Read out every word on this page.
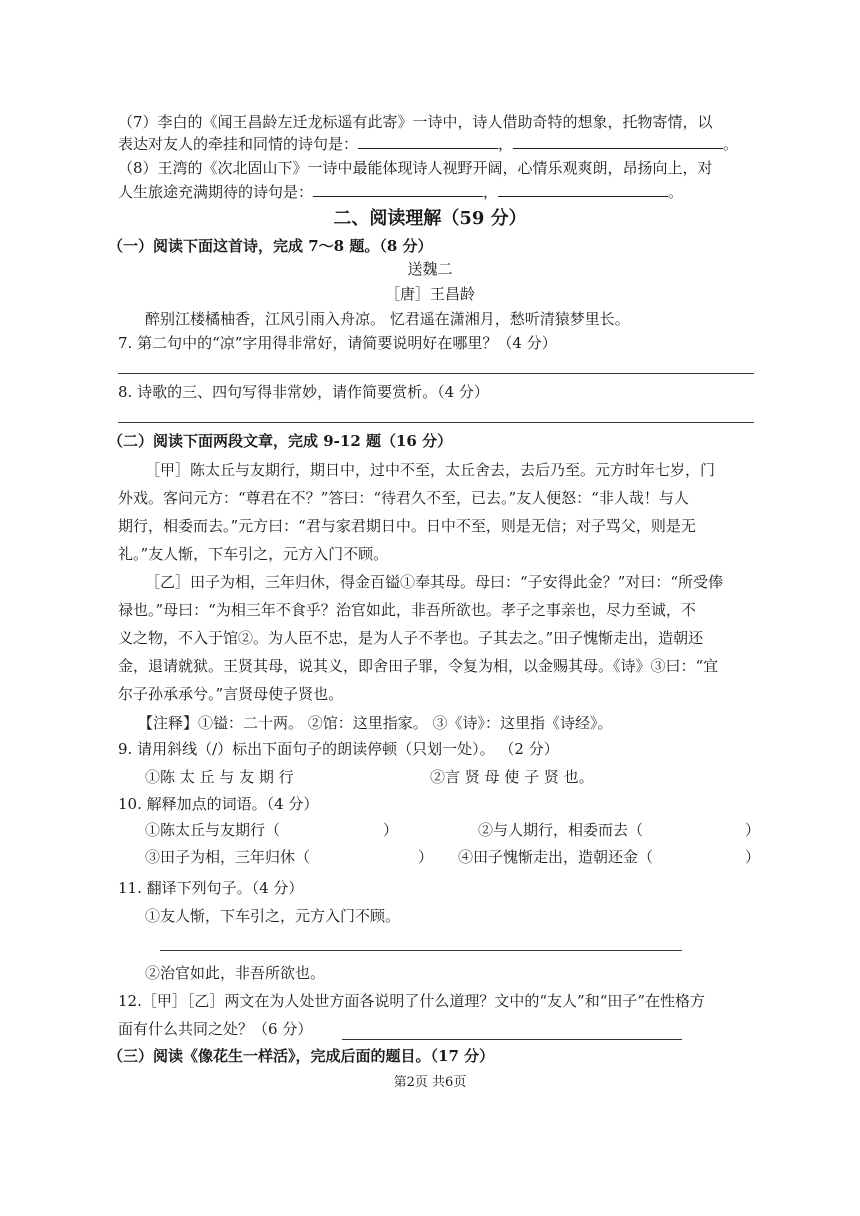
（7）李白的《闻王昌龄左迁龙标遥有此寄》一诗中，诗人借助奇特的想象，托物寄情，以
表达对友人的牵挂和同情的诗句是：	，	。
（8）王湾的《次北固山下》一诗中最能体现诗人视野开阔，心情乐观爽朗，昂扬向上，对
人生旅途充满期待的诗句是：	，	。
二、阅读理解（59 分）
（一）阅读下面这首诗，完成 7～8 题。（8 分）
送魏二
［唐］王昌龄
醉别江楼橘柚香，江风引雨入舟凉。 忆君遥在潇湘月，愁听清猿梦里长。
7. 第二句中的“凉”字用得非常好，请简要说明好在哪里？（4 分）
8. 诗歌的三、四句写得非常妙，请作简要赏析。（4 分）
（二）阅读下面两段文章，完成 9-12 题（16 分）
［甲］陈太丘与友期行，期日中，过中不至，太丘舍去，去后乃至。元方时年七岁，门
外戏。客问元方：“尊君在不？”答曰：“待君久不至，已去。”友人便怒：“非人哉！与人
期行，相委而去。”元方曰：“君与家君期日中。日中不至，则是无信；对子骂父，则是无
礼。”友人惭，下车引之，元方入门不顾。
［乙］田子为相，三年归休，得金百镒①奉其母。母曰：“子安得此金？”对曰：“所受俸
禄也。”母曰：“为相三年不食乎？治官如此，非吾所欲也。孝子之事亲也，尽力至诚，不
义之物，不入于馆②。为人臣不忠，是为人子不孝也。子其去之。”田子愧惭走出，造朝还
金，退请就狱。王贤其母，说其义，即舍田子罪，令复为相，以金赐其母。《诗》③曰：“宜
尔子孙承承兮。”言贤母使子贤也。
【注释】①镒：二十两。 ②馆：这里指家。 ③《诗》：这里指《诗经》。
9. 请用斜线（/）标出下面句子的朗读停顿（只划一处）。 （2 分）
①陈 太 丘 与 友 期 行	②言 贤 母 使 子 贤 也。
10. 解释加点的词语。（4 分）
①陈太丘与友期行（	）	②与人期行，相委而去（	）
③田子为相，三年归休（	） ④田子愧惭走出，造朝还金（	）
11. 翻译下列句子。（4 分）
①友人惭，下车引之，元方入门不顾。
②治官如此，非吾所欲也。
12.［甲］［乙］两文在为人处世方面各说明了什么道理？文中的“友人”和“田子”在性格方
面有什么共同之处？（6 分）
（三）阅读《像花生一样活》，完成后面的题目。（17 分）
第2页 共6页
